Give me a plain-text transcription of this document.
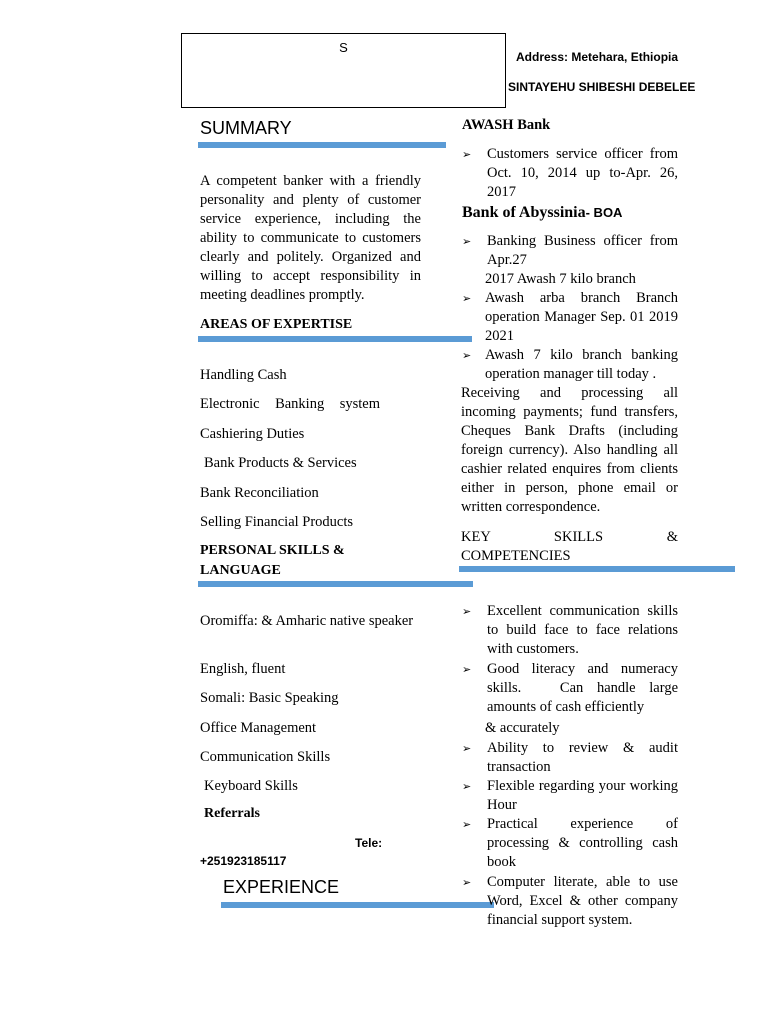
S
Address: Metehara, Ethiopia
SINTAYEHU SHIBESHI DEBELEE
SUMMARY
A competent banker with a friendly personality and plenty of customer service experience, including the ability to communicate to customers clearly and politely. Organized and willing to accept responsibility in meeting deadlines promptly.
AREAS OF EXPERTISE
Handling Cash
Electronic Banking system
Cashiering Duties
Bank Products & Services
Bank Reconciliation
Selling Financial Products
PERSONAL SKILLS &
LANGUAGE
Oromiffa: & Amharic native speaker
English, fluent
Somali: Basic Speaking
Office Management
Communication Skills
Keyboard Skills
Referrals
Tele:
+251923185117
EXPERIENCE
AWASH Bank
➢ Customers service officer from Oct. 10, 2014 up to-Apr. 26, 2017
Bank of Abyssinia- BOA
➢ Banking Business officer from
Apr.27
2017 Awash 7 kilo branch
➢ Awash arba branch Branch operation Manager Sep. 01 2019 2021
➢ Awash 7 kilo branch banking operation manager till today .
Receiving and processing all incoming payments; fund transfers, Cheques Bank Drafts (including foreign currency). Also handling all cashier related enquires from clients either in person, phone email or written correspondence.
KEY SKILLS &
COMPETENCIES
➢ Excellent communication skills to build face to face relations with customers.
➢ Good literacy and numeracy skills. Can handle large amounts of cash efficiently
& accurately
➢ Ability to review & audit transaction
➢ Flexible regarding your working Hour
➢ Practical experience of processing & controlling cash book
➢ Computer literate, able to use Word, Excel & other company financial support system.
